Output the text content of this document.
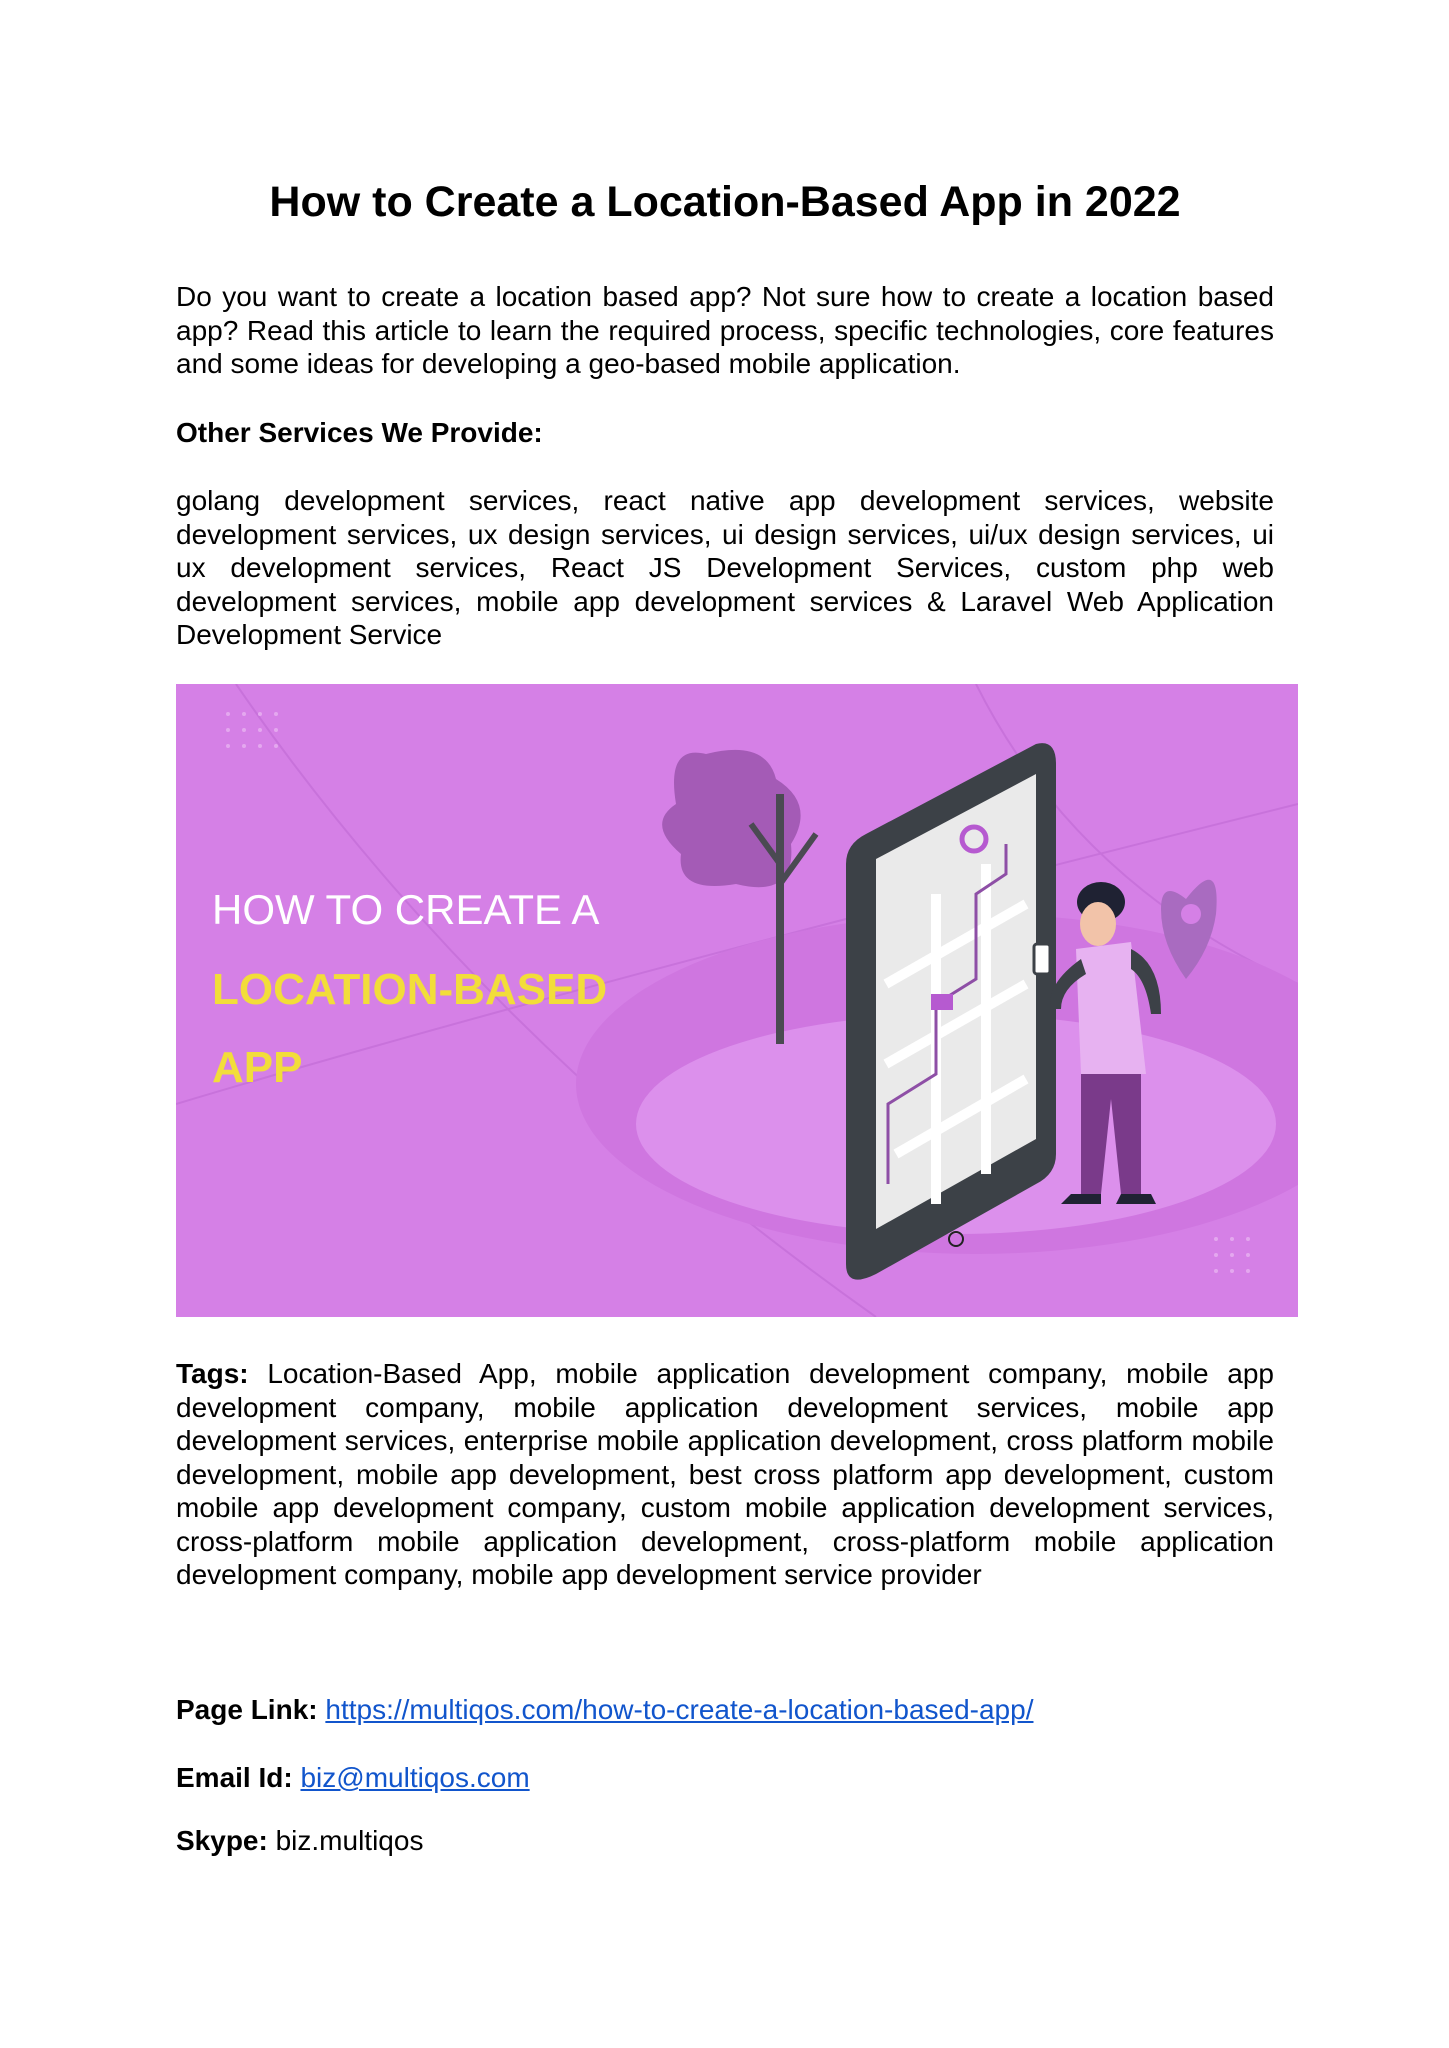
How to Create a Location-Based App in 2022

Do you want to create a location based app? Not sure how to create a location based app? Read this article to learn the required process, specific technologies, core features and some ideas for developing a geo-based mobile application.

Other Services We Provide:

golang development services, react native app development services, website development services, ux design services, ui design services, ui/ux design services, ui ux development services, React JS Development Services, custom php web development services, mobile app development services & Laravel Web Application Development Service

HOW TO CREATE A
LOCATION-BASED
APP

Tags: Location-Based App, mobile application development company, mobile app development company, mobile application development services, mobile app development services, enterprise mobile application development, cross platform mobile development, mobile app development, best cross platform app development, custom mobile app development company, custom mobile application development services, cross-platform mobile application development, cross-platform mobile application development company, mobile app development service provider

Page Link: https://multiqos.com/how-to-create-a-location-based-app/

Email Id: biz@multiqos.com

Skype: biz.multiqos
